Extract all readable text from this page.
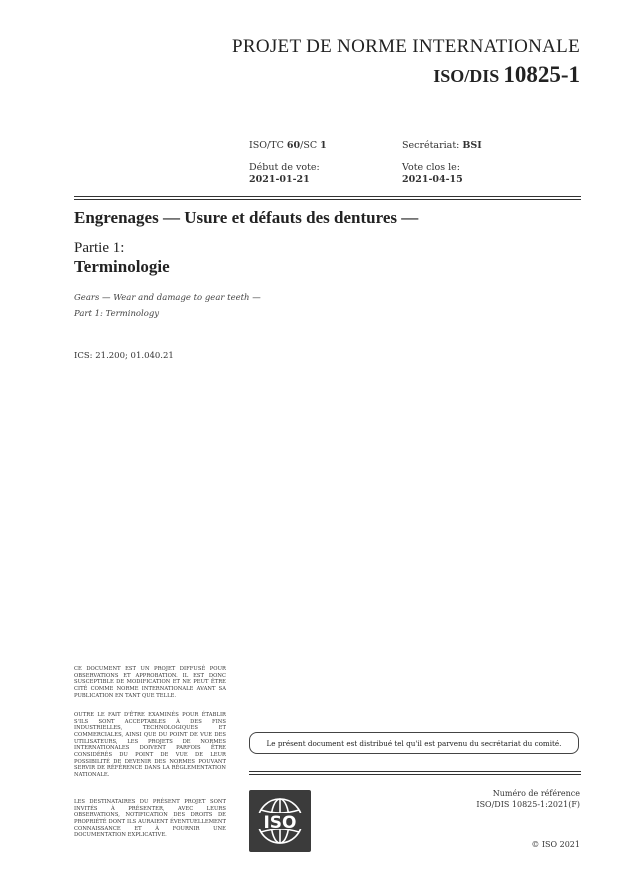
PROJET DE NORME INTERNATIONALE
ISO/DIS 10825-1
ISO/TC 60/SC 1	Secrétariat: BSI
Début de vote:
2021-01-21
Vote clos le:
2021-04-15
Engrenages — Usure et défauts des dentures —
Partie 1:
Terminologie
Gears — Wear and damage to gear teeth —
Part 1: Terminology
ICS: 21.200; 01.040.21
CE DOCUMENT EST UN PROJET DIFFUSÉ POUR OBSERVATIONS ET APPROBATION. IL EST DONC SUSCEPTIBLE DE MODIFICATION ET NE PEUT ÊTRE CITÉ COMME NORME INTERNATIONALE AVANT SA PUBLICATION EN TANT QUE TELLE.
OUTRE LE FAIT D'ÊTRE EXAMINÉS POUR ÉTABLIR S'ILS SONT ACCEPTABLES À DES FINS INDUSTRIELLES, TECHNOLOGIQUES ET COMMERCIALES, AINSI QUE DU POINT DE VUE DES UTILISATEURS, LES PROJETS DE NORMES INTERNATIONALES DOIVENT PARFOIS ÊTRE CONSIDÉRÉS DU POINT DE VUE DE LEUR POSSIBILITÉ DE DEVENIR DES NORMES POUVANT SERVIR DE RÉFÉRENCE DANS LA RÉGLEMENTATION NATIONALE.
LES DESTINATAIRES DU PRÉSENT PROJET SONT INVITÉS À PRÉSENTER, AVEC LEURS OBSERVATIONS, NOTIFICATION DES DROITS DE PROPRIÉTÉ DONT ILS AURAIENT ÉVENTUELLEMENT CONNAISSANCE ET À FOURNIR UNE DOCUMENTATION EXPLICATIVE.
Le présent document est distribué tel qu'il est parvenu du secrétariat du comité.
ISO
Numéro de référence
ISO/DIS 10825-1:2021(F)
© ISO 2021
